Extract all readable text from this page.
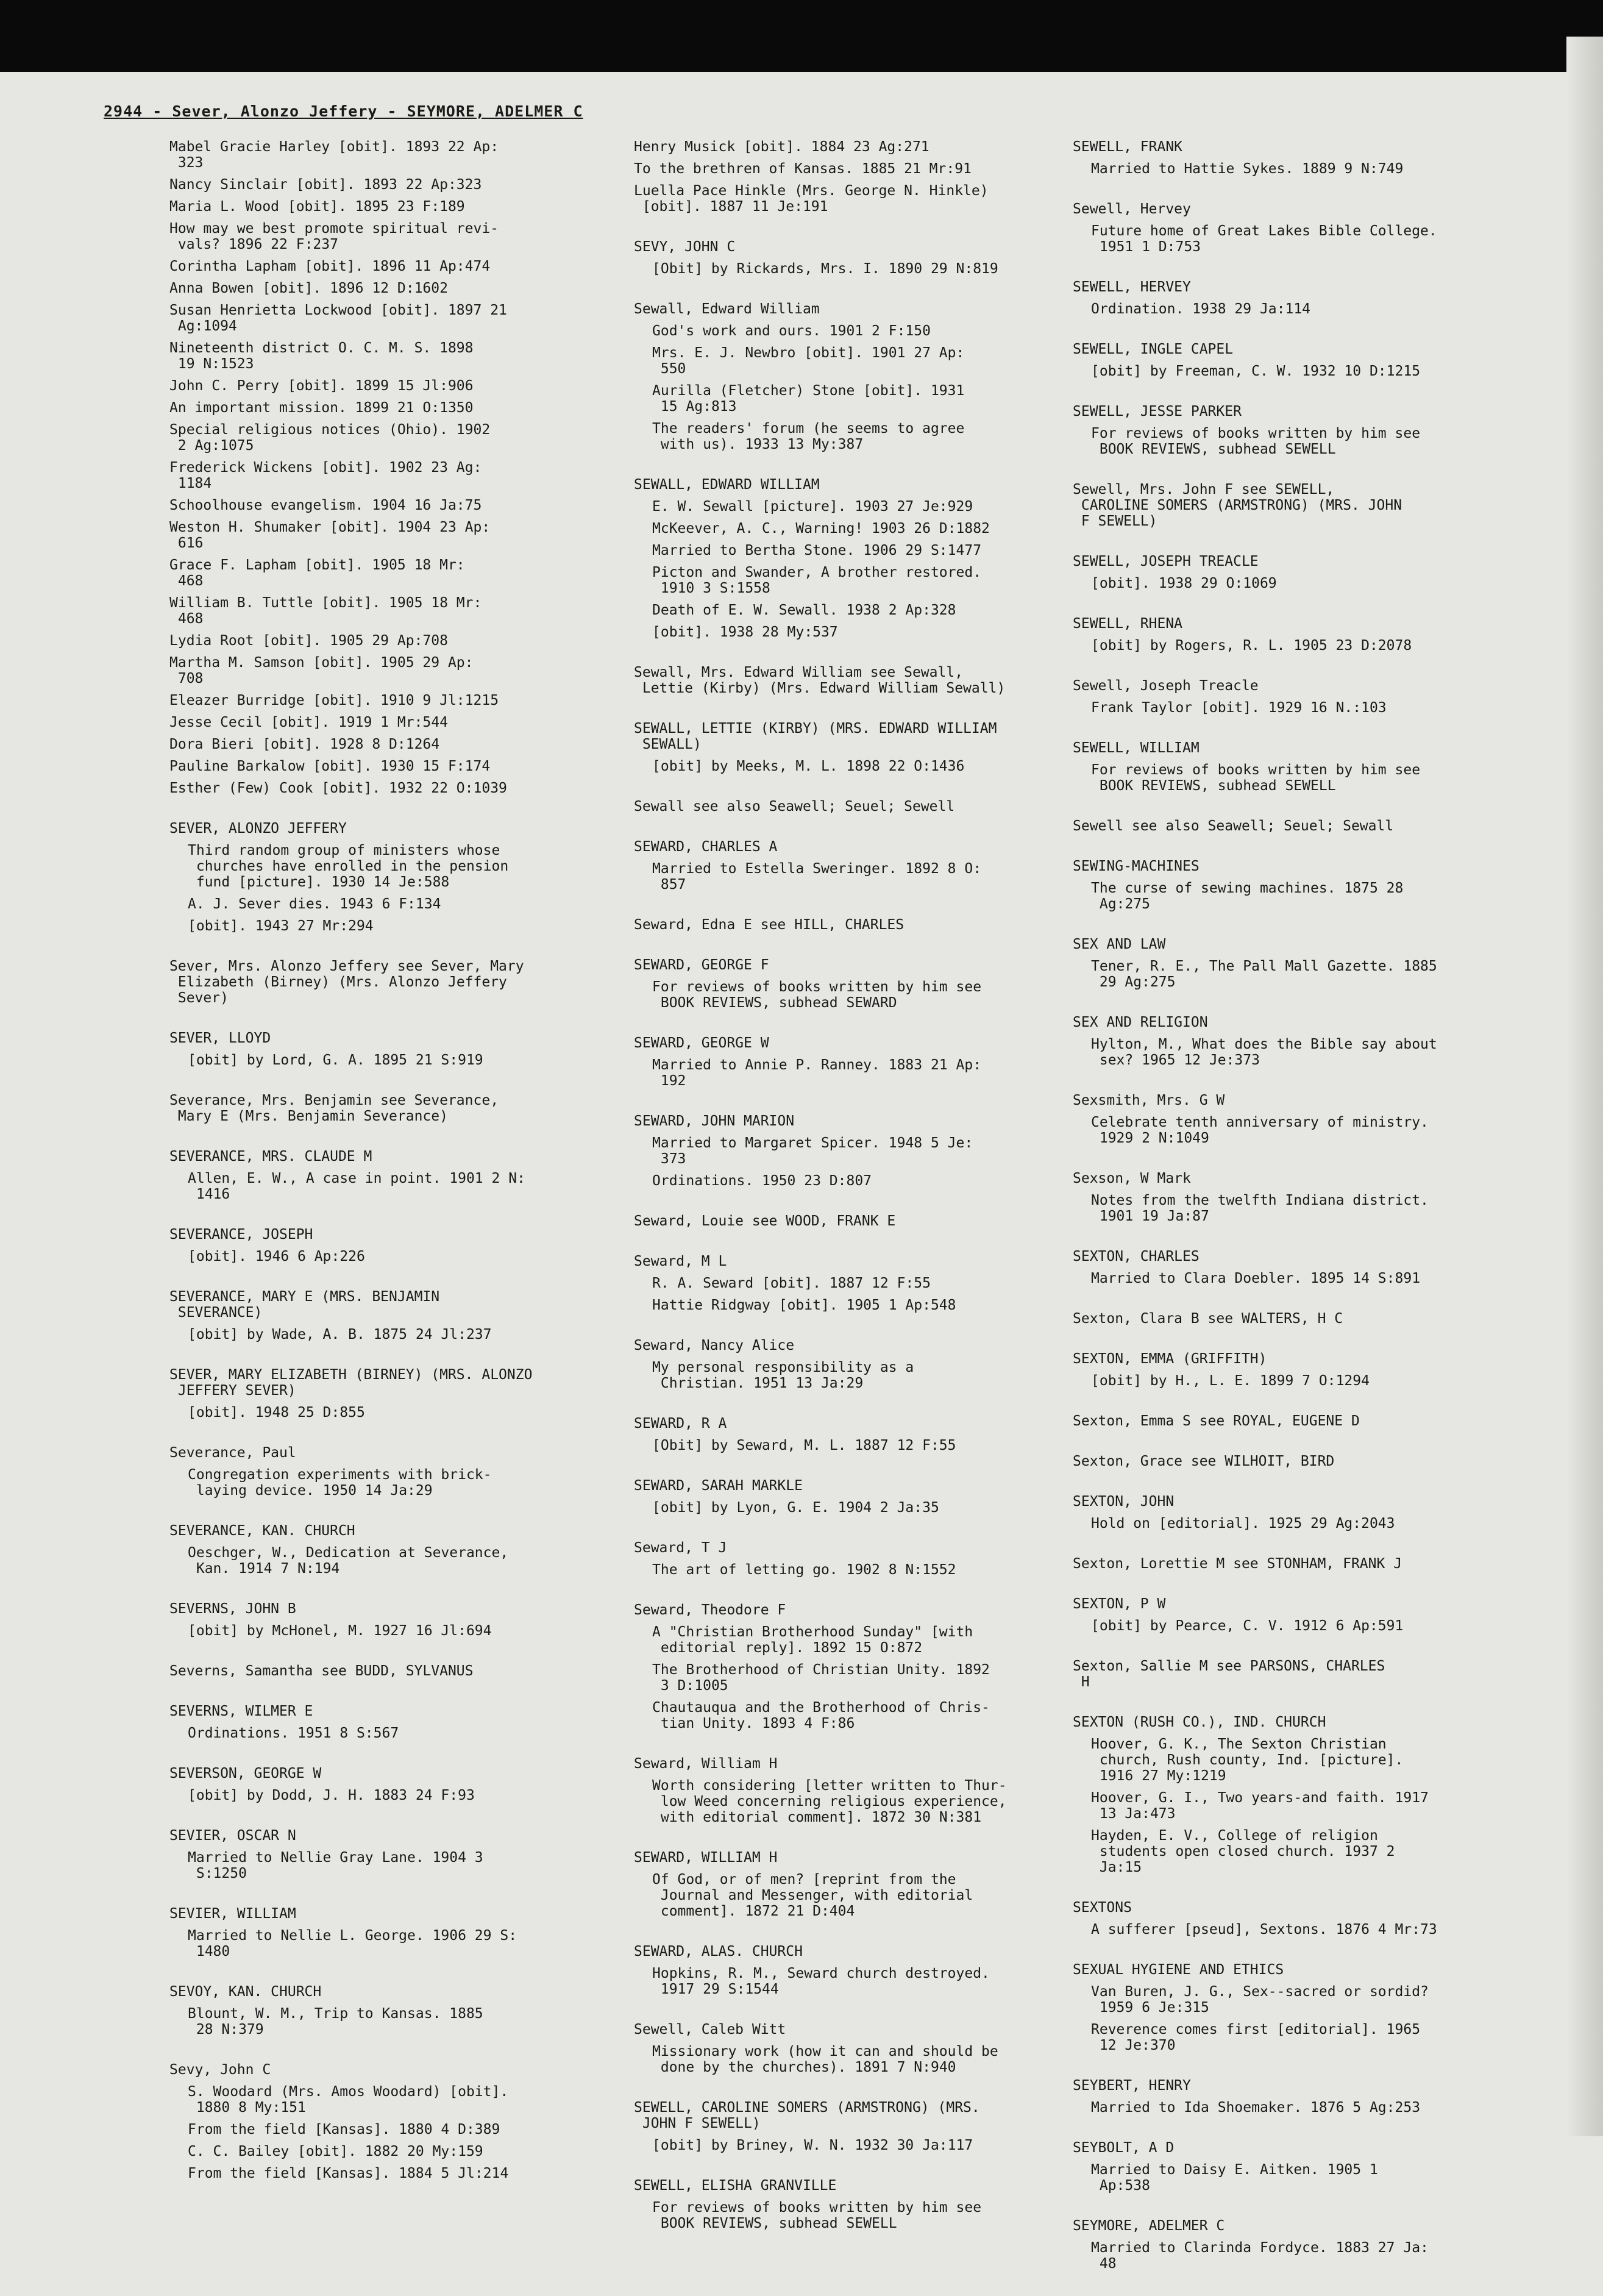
2944 - Sever, Alonzo Jeffery - SEYMORE, ADELMER C
Mabel Gracie Harley [obit]. 1893 22 Ap:
323
Nancy Sinclair [obit]. 1893 22 Ap:323
Maria L. Wood [obit]. 1895 23 F:189
How may we best promote spiritual revi-
vals? 1896 22 F:237
Corintha Lapham [obit]. 1896 11 Ap:474
Anna Bowen [obit]. 1896 12 D:1602
Susan Henrietta Lockwood [obit]. 1897 21
Ag:1094
Nineteenth district O. C. M. S. 1898
19 N:1523
John C. Perry [obit]. 1899 15 Jl:906
An important mission. 1899 21 O:1350
Special religious notices (Ohio). 1902
2 Ag:1075
Frederick Wickens [obit]. 1902 23 Ag:
1184
Schoolhouse evangelism. 1904 16 Ja:75
Weston H. Shumaker [obit]. 1904 23 Ap:
616
Grace F. Lapham [obit]. 1905 18 Mr:
468
William B. Tuttle [obit]. 1905 18 Mr:
468
Lydia Root [obit]. 1905 29 Ap:708
Martha M. Samson [obit]. 1905 29 Ap:
708
Eleazer Burridge [obit]. 1910 9 Jl:1215
Jesse Cecil [obit]. 1919 1 Mr:544
Dora Bieri [obit]. 1928 8 D:1264
Pauline Barkalow [obit]. 1930 15 F:174
Esther (Few) Cook [obit]. 1932 22 O:1039
SEVER, ALONZO JEFFERY
Third random group of ministers whose
churches have enrolled in the pension
fund [picture]. 1930 14 Je:588
A. J. Sever dies. 1943 6 F:134
[obit]. 1943 27 Mr:294
Sever, Mrs. Alonzo Jeffery see Sever, Mary
Elizabeth (Birney) (Mrs. Alonzo Jeffery
Sever)
SEVER, LLOYD
[obit] by Lord, G. A. 1895 21 S:919
Severance, Mrs. Benjamin see Severance,
Mary E (Mrs. Benjamin Severance)
SEVERANCE, MRS. CLAUDE M
Allen, E. W., A case in point. 1901 2 N:
1416
SEVERANCE, JOSEPH
[obit]. 1946 6 Ap:226
SEVERANCE, MARY E (MRS. BENJAMIN
SEVERANCE)
[obit] by Wade, A. B. 1875 24 Jl:237
SEVER, MARY ELIZABETH (BIRNEY) (MRS. ALONZO
JEFFERY SEVER)
[obit]. 1948 25 D:855
Severance, Paul
Congregation experiments with brick-
laying device. 1950 14 Ja:29
SEVERANCE, KAN. CHURCH
Oeschger, W., Dedication at Severance,
Kan. 1914 7 N:194
SEVERNS, JOHN B
[obit] by McHonel, M. 1927 16 Jl:694
Severns, Samantha see BUDD, SYLVANUS
SEVERNS, WILMER E
Ordinations. 1951 8 S:567
SEVERSON, GEORGE W
[obit] by Dodd, J. H. 1883 24 F:93
SEVIER, OSCAR N
Married to Nellie Gray Lane. 1904 3
S:1250
SEVIER, WILLIAM
Married to Nellie L. George. 1906 29 S:
1480
SEVOY, KAN. CHURCH
Blount, W. M., Trip to Kansas. 1885
28 N:379
Sevy, John C
S. Woodard (Mrs. Amos Woodard) [obit].
1880 8 My:151
From the field [Kansas]. 1880 4 D:389
C. C. Bailey [obit]. 1882 20 My:159
From the field [Kansas]. 1884 5 Jl:214
Henry Musick [obit]. 1884 23 Ag:271
To the brethren of Kansas. 1885 21 Mr:91
Luella Pace Hinkle (Mrs. George N. Hinkle)
[obit]. 1887 11 Je:191
SEVY, JOHN C
[Obit] by Rickards, Mrs. I. 1890 29 N:819
Sewall, Edward William
God's work and ours. 1901 2 F:150
Mrs. E. J. Newbro [obit]. 1901 27 Ap:
550
Aurilla (Fletcher) Stone [obit]. 1931
15 Ag:813
The readers' forum (he seems to agree
with us). 1933 13 My:387
SEWALL, EDWARD WILLIAM
E. W. Sewall [picture]. 1903 27 Je:929
McKeever, A. C., Warning! 1903 26 D:1882
Married to Bertha Stone. 1906 29 S:1477
Picton and Swander, A brother restored.
1910 3 S:1558
Death of E. W. Sewall. 1938 2 Ap:328
[obit]. 1938 28 My:537
Sewall, Mrs. Edward William see Sewall,
Lettie (Kirby) (Mrs. Edward William Sewall)
SEWALL, LETTIE (KIRBY) (MRS. EDWARD WILLIAM
SEWALL)
[obit] by Meeks, M. L. 1898 22 O:1436
Sewall see also Seawell; Seuel; Sewell
SEWARD, CHARLES A
Married to Estella Sweringer. 1892 8 O:
857
Seward, Edna E see HILL, CHARLES
SEWARD, GEORGE F
For reviews of books written by him see
BOOK REVIEWS, subhead SEWARD
SEWARD, GEORGE W
Married to Annie P. Ranney. 1883 21 Ap:
192
SEWARD, JOHN MARION
Married to Margaret Spicer. 1948 5 Je:
373
Ordinations. 1950 23 D:807
Seward, Louie see WOOD, FRANK E
Seward, M L
R. A. Seward [obit]. 1887 12 F:55
Hattie Ridgway [obit]. 1905 1 Ap:548
Seward, Nancy Alice
My personal responsibility as a
Christian. 1951 13 Ja:29
SEWARD, R A
[Obit] by Seward, M. L. 1887 12 F:55
SEWARD, SARAH MARKLE
[obit] by Lyon, G. E. 1904 2 Ja:35
Seward, T J
The art of letting go. 1902 8 N:1552
Seward, Theodore F
A "Christian Brotherhood Sunday" [with
editorial reply]. 1892 15 O:872
The Brotherhood of Christian Unity. 1892
3 D:1005
Chautauqua and the Brotherhood of Chris-
tian Unity. 1893 4 F:86
Seward, William H
Worth considering [letter written to Thur-
low Weed concerning religious experience,
with editorial comment]. 1872 30 N:381
SEWARD, WILLIAM H
Of God, or of men? [reprint from the
Journal and Messenger, with editorial
comment]. 1872 21 D:404
SEWARD, ALAS. CHURCH
Hopkins, R. M., Seward church destroyed.
1917 29 S:1544
Sewell, Caleb Witt
Missionary work (how it can and should be
done by the churches). 1891 7 N:940
SEWELL, CAROLINE SOMERS (ARMSTRONG) (MRS.
JOHN F SEWELL)
[obit] by Briney, W. N. 1932 30 Ja:117
SEWELL, ELISHA GRANVILLE
For reviews of books written by him see
BOOK REVIEWS, subhead SEWELL
SEWELL, FRANK
Married to Hattie Sykes. 1889 9 N:749
Sewell, Hervey
Future home of Great Lakes Bible College.
1951 1 D:753
SEWELL, HERVEY
Ordination. 1938 29 Ja:114
SEWELL, INGLE CAPEL
[obit] by Freeman, C. W. 1932 10 D:1215
SEWELL, JESSE PARKER
For reviews of books written by him see
BOOK REVIEWS, subhead SEWELL
Sewell, Mrs. John F see SEWELL,
CAROLINE SOMERS (ARMSTRONG) (MRS. JOHN
F SEWELL)
SEWELL, JOSEPH TREACLE
[obit]. 1938 29 O:1069
SEWELL, RHENA
[obit] by Rogers, R. L. 1905 23 D:2078
Sewell, Joseph Treacle
Frank Taylor [obit]. 1929 16 N.:103
SEWELL, WILLIAM
For reviews of books written by him see
BOOK REVIEWS, subhead SEWELL
Sewell see also Seawell; Seuel; Sewall
SEWING-MACHINES
The curse of sewing machines. 1875 28
Ag:275
SEX AND LAW
Tener, R. E., The Pall Mall Gazette. 1885
29 Ag:275
SEX AND RELIGION
Hylton, M., What does the Bible say about
sex? 1965 12 Je:373
Sexsmith, Mrs. G W
Celebrate tenth anniversary of ministry.
1929 2 N:1049
Sexson, W Mark
Notes from the twelfth Indiana district.
1901 19 Ja:87
SEXTON, CHARLES
Married to Clara Doebler. 1895 14 S:891
Sexton, Clara B see WALTERS, H C
SEXTON, EMMA (GRIFFITH)
[obit] by H., L. E. 1899 7 O:1294
Sexton, Emma S see ROYAL, EUGENE D
Sexton, Grace see WILHOIT, BIRD
SEXTON, JOHN
Hold on [editorial]. 1925 29 Ag:2043
Sexton, Lorettie M see STONHAM, FRANK J
SEXTON, P W
[obit] by Pearce, C. V. 1912 6 Ap:591
Sexton, Sallie M see PARSONS, CHARLES
H
SEXTON (RUSH CO.), IND. CHURCH
Hoover, G. K., The Sexton Christian
church, Rush county, Ind. [picture].
1916 27 My:1219
Hoover, G. I., Two years-and faith. 1917
13 Ja:473
Hayden, E. V., College of religion
students open closed church. 1937 2
Ja:15
SEXTONS
A sufferer [pseud], Sextons. 1876 4 Mr:73
SEXUAL HYGIENE AND ETHICS
Van Buren, J. G., Sex--sacred or sordid?
1959 6 Je:315
Reverence comes first [editorial]. 1965
12 Je:370
SEYBERT, HENRY
Married to Ida Shoemaker. 1876 5 Ag:253
SEYBOLT, A D
Married to Daisy E. Aitken. 1905 1
Ap:538
SEYMORE, ADELMER C
Married to Clarinda Fordyce. 1883 27 Ja:
48
